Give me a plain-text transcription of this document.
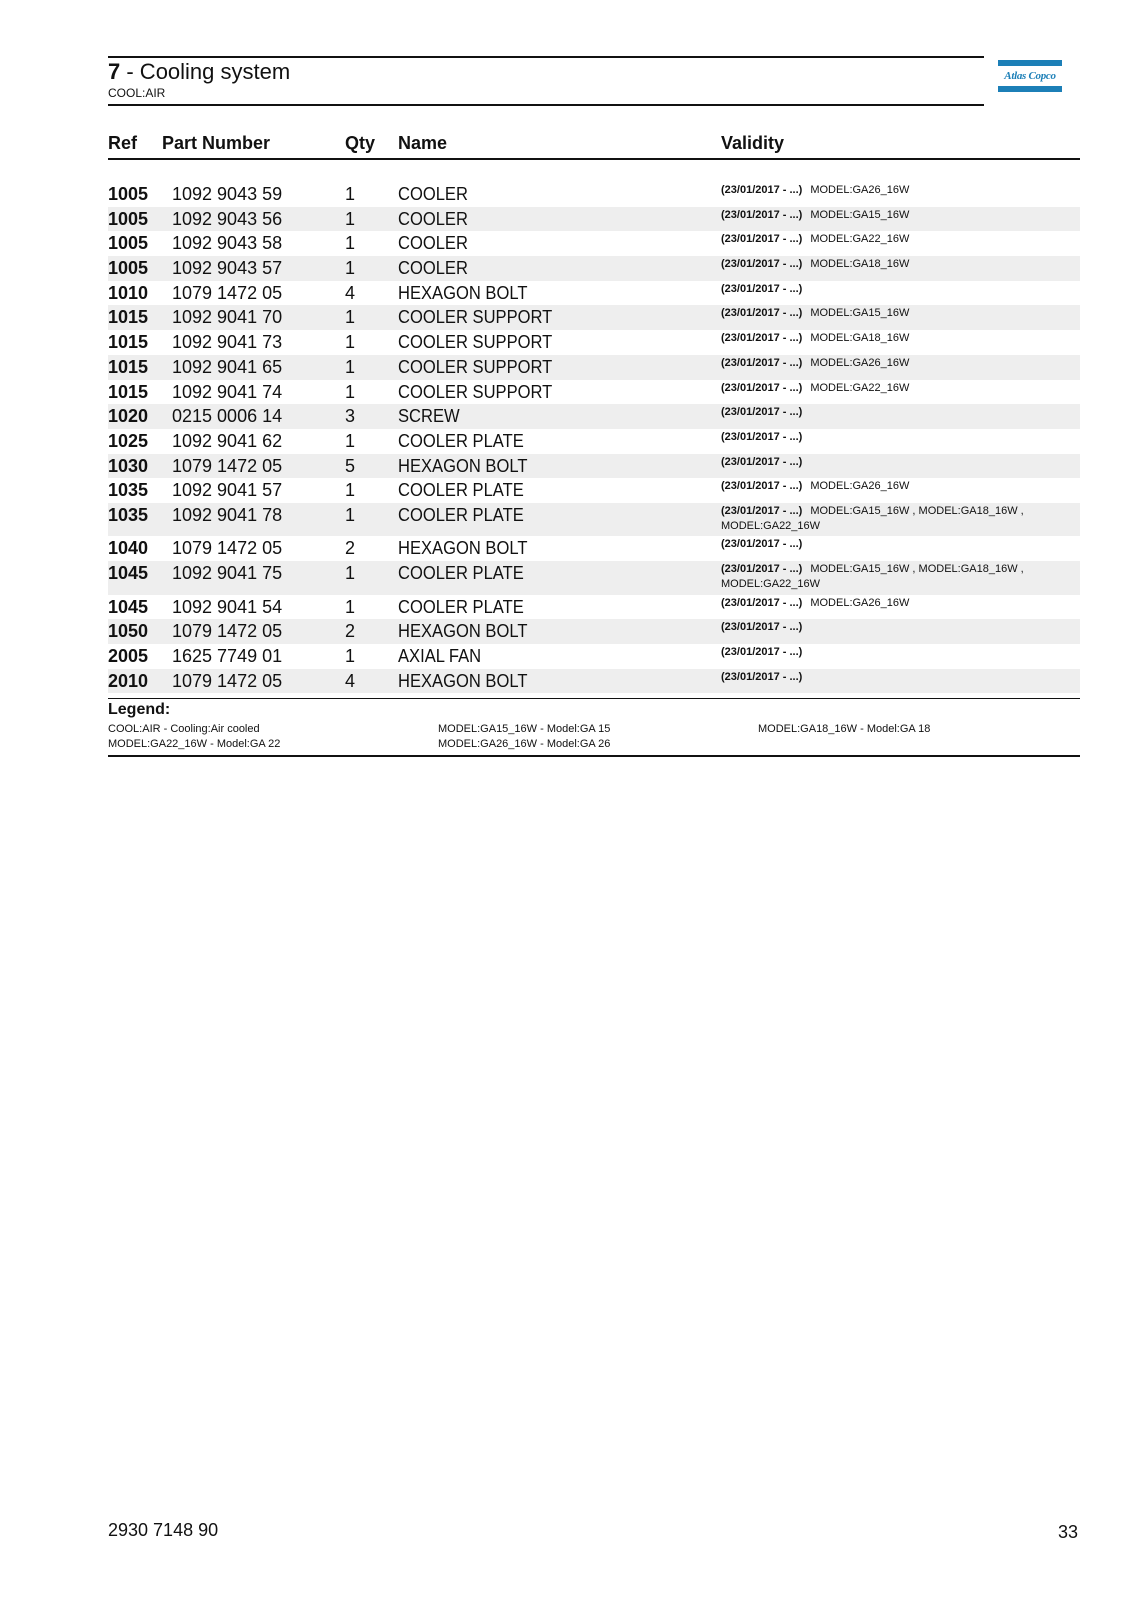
7 - Cooling system
COOL:AIR
Atlas Copco
Ref Part Number	Qty Name	Validity
1005 1092 9043 59	1 COOLER	(23/01/2017 - ...) MODEL:GA26_16W
1005 1092 9043 56	1 COOLER	(23/01/2017 - ...) MODEL:GA15_16W
1005 1092 9043 58	1 COOLER	(23/01/2017 - ...) MODEL:GA22_16W
1005 1092 9043 57	1 COOLER	(23/01/2017 - ...) MODEL:GA18_16W
1010 1079 1472 05	4 HEXAGON BOLT	(23/01/2017 - ...)
1015 1092 9041 70	1 COOLER SUPPORT	(23/01/2017 - ...) MODEL:GA15_16W
1015 1092 9041 73	1 COOLER SUPPORT	(23/01/2017 - ...) MODEL:GA18_16W
1015 1092 9041 65	1 COOLER SUPPORT	(23/01/2017 - ...) MODEL:GA26_16W
1015 1092 9041 74	1 COOLER SUPPORT	(23/01/2017 - ...) MODEL:GA22_16W
1020 0215 0006 14	3 SCREW	(23/01/2017 - ...)
1025 1092 9041 62	1 COOLER PLATE	(23/01/2017 - ...)
1030 1079 1472 05	5 HEXAGON BOLT	(23/01/2017 - ...)
1035 1092 9041 57	1 COOLER PLATE	(23/01/2017 - ...) MODEL:GA26_16W
1035 1092 9041 78	1 COOLER PLATE	(23/01/2017 - ...) MODEL:GA15_16W , MODEL:GA18_16W , MODEL:GA22_16W
1040 1079 1472 05	2 HEXAGON BOLT	(23/01/2017 - ...)
1045 1092 9041 75	1 COOLER PLATE	(23/01/2017 - ...) MODEL:GA15_16W , MODEL:GA18_16W , MODEL:GA22_16W
1045 1092 9041 54	1 COOLER PLATE	(23/01/2017 - ...) MODEL:GA26_16W
1050 1079 1472 05	2 HEXAGON BOLT	(23/01/2017 - ...)
2005 1625 7749 01	1 AXIAL FAN	(23/01/2017 - ...)
2010 1079 1472 05	4 HEXAGON BOLT	(23/01/2017 - ...)
Legend:
COOL:AIR - Cooling:Air cooled	MODEL:GA15_16W - Model:GA 15	MODEL:GA18_16W - Model:GA 18
MODEL:GA22_16W - Model:GA 22	MODEL:GA26_16W - Model:GA 26
2930 7148 90	33
